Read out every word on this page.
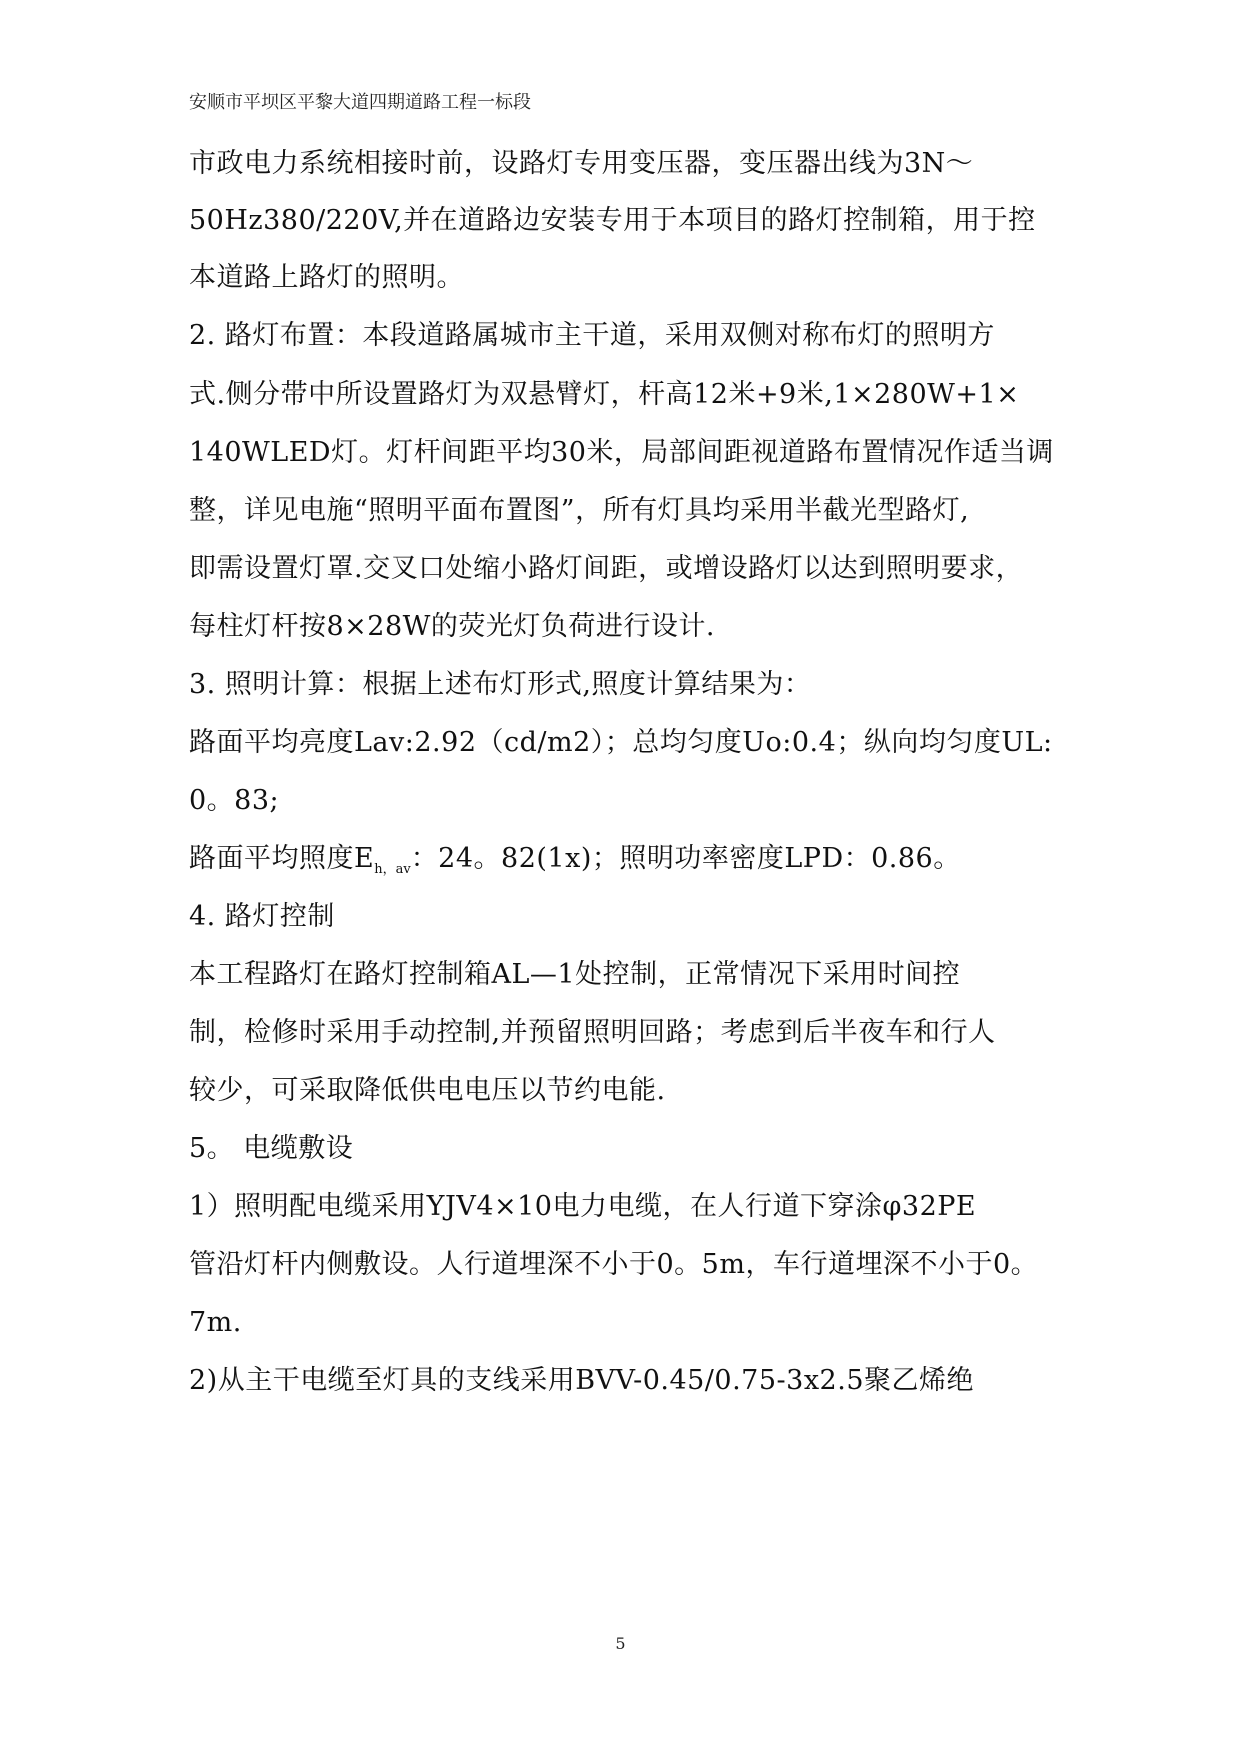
安顺市平坝区平黎大道四期道路工程一标段
市政电力系统相接时前，设路灯专用变压器，变压器出线为3N～
50Hz380/220V,并在道路边安装专用于本项目的路灯控制箱，用于控
本道路上路灯的照明。
2. 路灯布置：本段道路属城市主干道，采用双侧对称布灯的照明方
式.侧分带中所设置路灯为双悬臂灯，杆高12米+9米,1×280W+1×
140WLED灯。灯杆间距平均30米，局部间距视道路布置情况作适当调
整，详见电施“照明平面布置图”，所有灯具均采用半截光型路灯,
即需设置灯罩.交叉口处缩小路灯间距，或增设路灯以达到照明要求，
每柱灯杆按8×28W的荧光灯负荷进行设计.
3. 照明计算：根据上述布灯形式,照度计算结果为：
路面平均亮度Lav:2.92（cd/m2）；总均匀度Uo:0.4；纵向均匀度UL:
0。83;
路面平均照度$E_{h,av}$：24。82(1x)；照明功率密度LPD：0.86。
4. 路灯控制
本工程路灯在路灯控制箱AL—1处控制，正常情况下采用时间控
制，检修时采用手动控制,并预留照明回路；考虑到后半夜车和行人
较少，可采取降低供电电压以节约电能.
5。 电缆敷设
1）照明配电缆采用YJV4×10电力电缆，在人行道下穿涂φ32PE
管沿灯杆内侧敷设。人行道埋深不小于0。5m，车行道埋深不小于0。
7m.
2)从主干电缆至灯具的支线采用BVV-0.45/0.75-3x2.5聚乙烯绝
5
